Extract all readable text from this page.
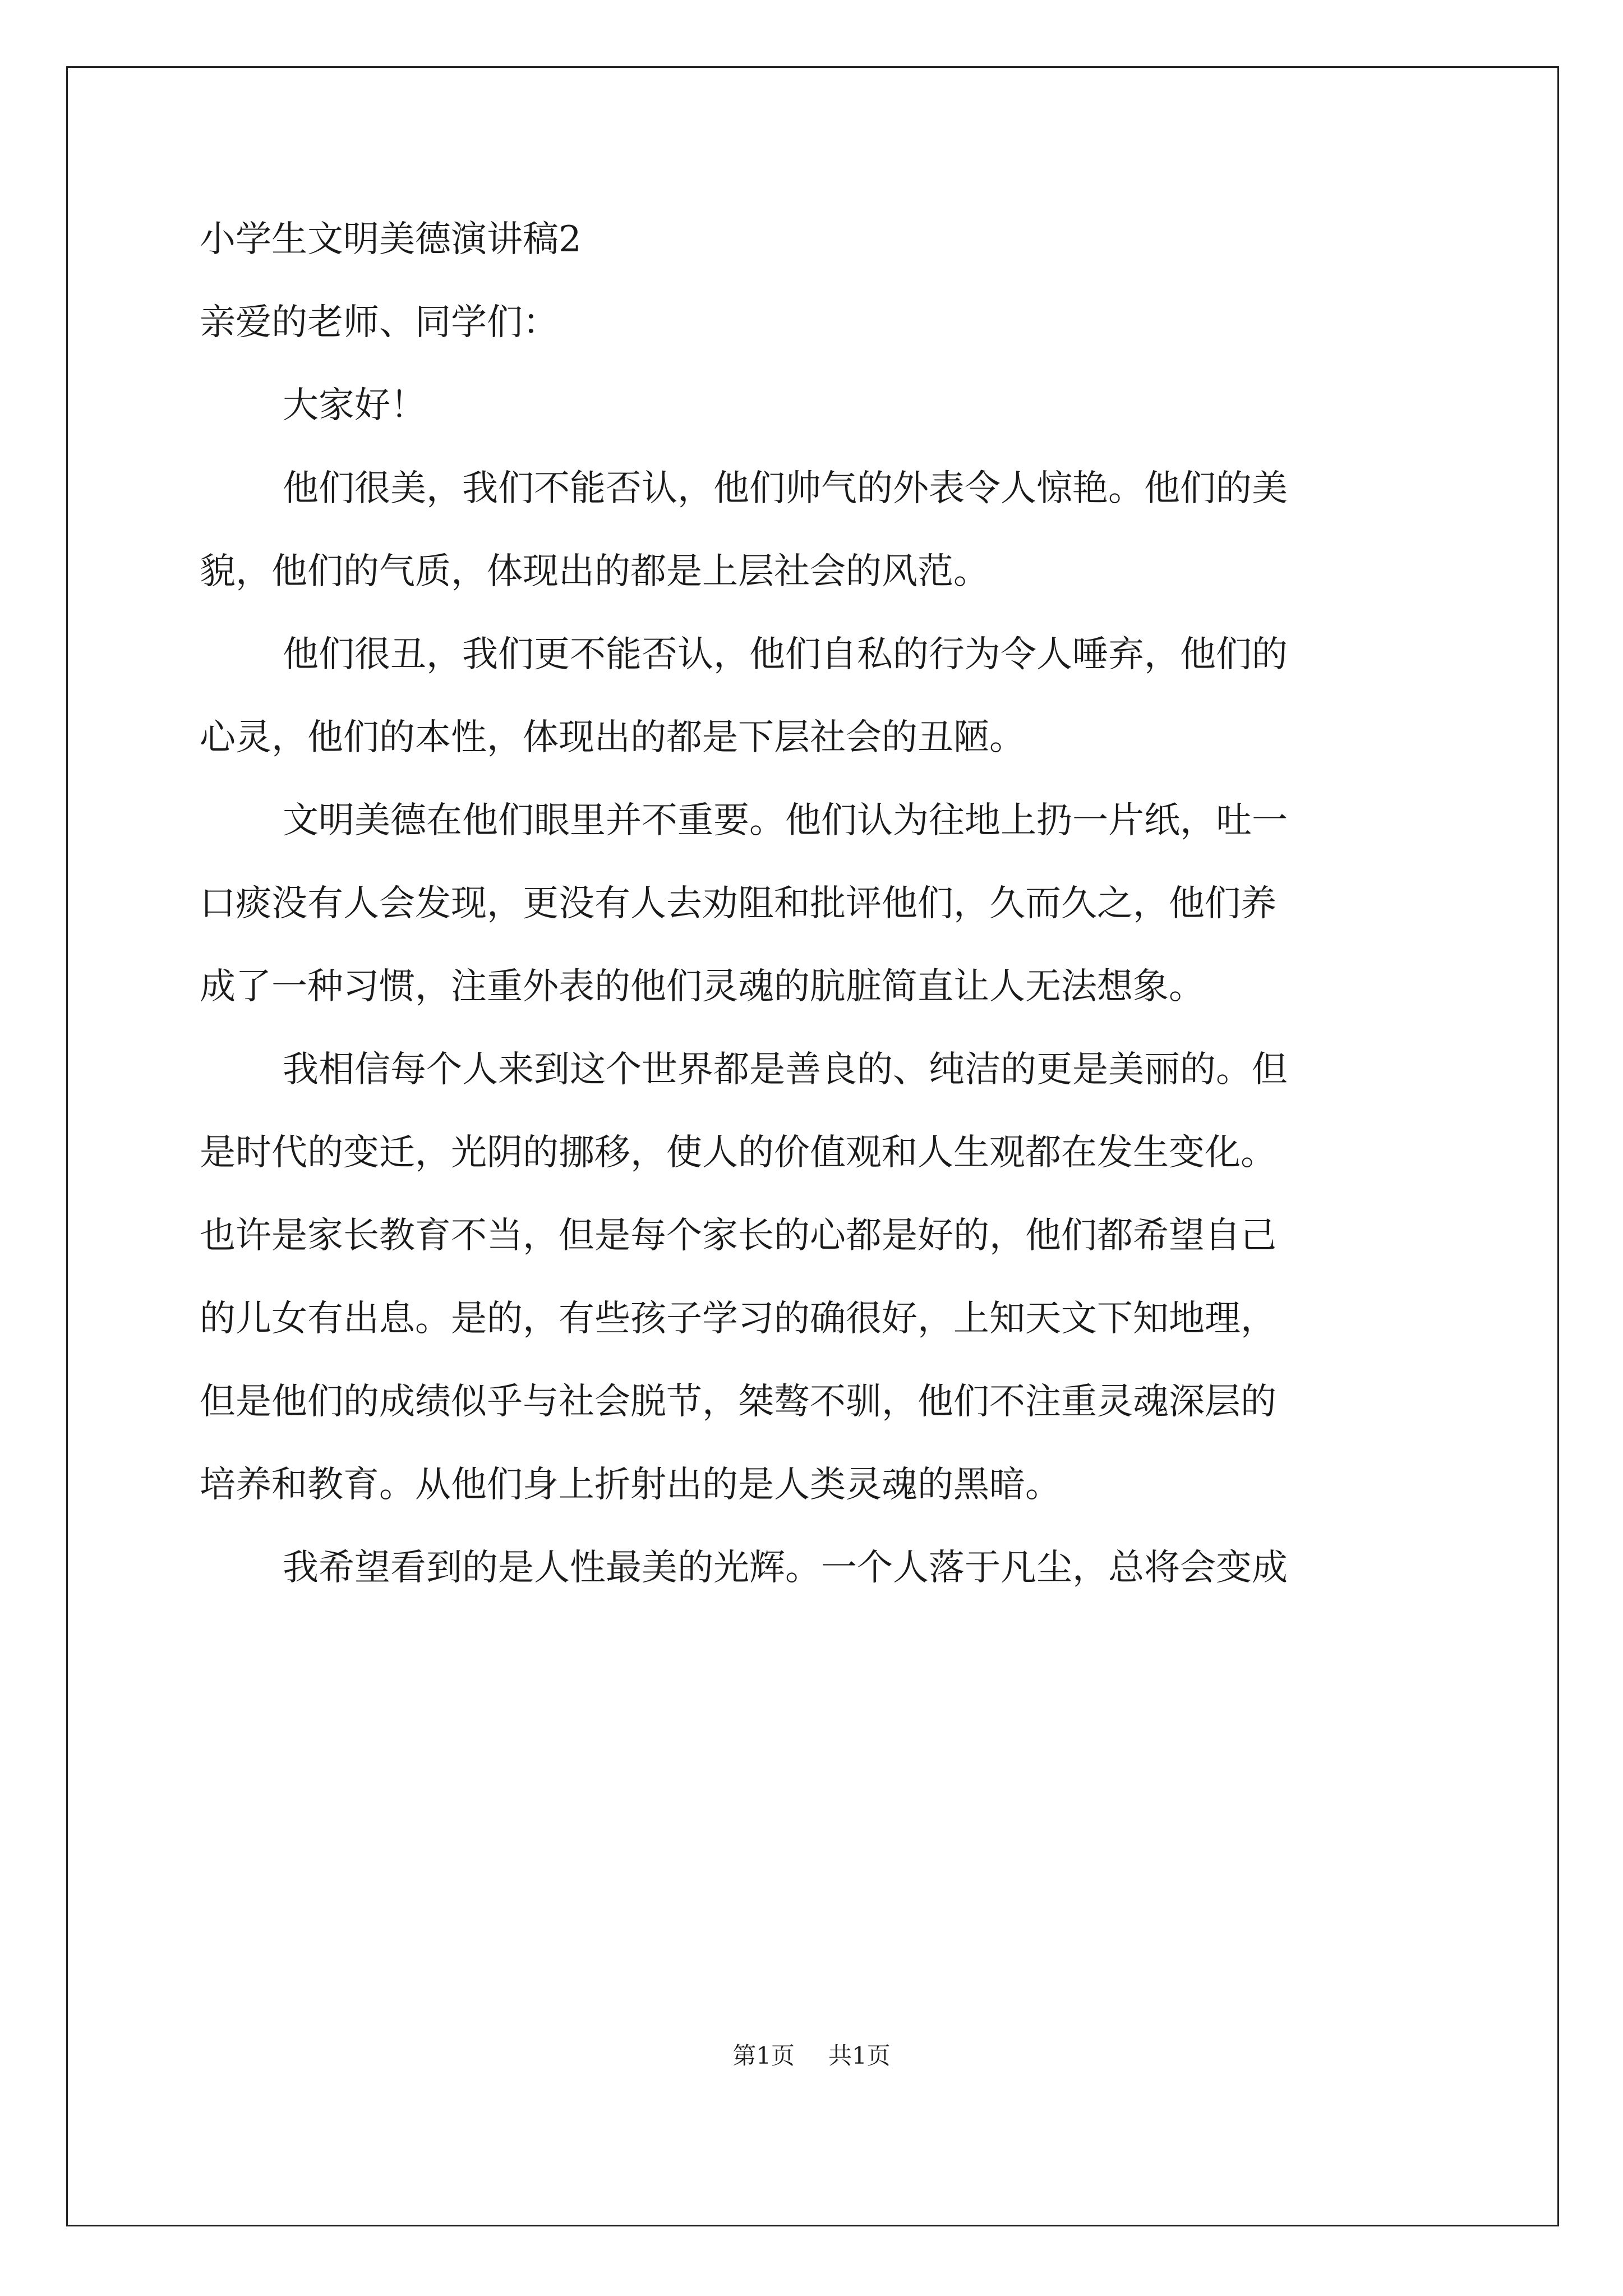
小学生文明美德演讲稿2
亲爱的老师、同学们：
大家好！
他们很美，我们不能否认，他们帅气的外表令人惊艳。他们的美
貌，他们的气质，体现出的都是上层社会的风范。
他们很丑，我们更不能否认，他们自私的行为令人唾弃，他们的
心灵，他们的本性，体现出的都是下层社会的丑陋。
文明美德在他们眼里并不重要。他们认为往地上扔一片纸，吐一
口痰没有人会发现，更没有人去劝阻和批评他们，久而久之，他们养
成了一种习惯，注重外表的他们灵魂的肮脏简直让人无法想象。
我相信每个人来到这个世界都是善良的、纯洁的更是美丽的。但
是时代的变迁，光阴的挪移，使人的价值观和人生观都在发生变化。
也许是家长教育不当，但是每个家长的心都是好的，他们都希望自己
的儿女有出息。是的，有些孩子学习的确很好，上知天文下知地理，
但是他们的成绩似乎与社会脱节，桀骜不驯，他们不注重灵魂深层的
培养和教育。从他们身上折射出的是人类灵魂的黑暗。
我希望看到的是人性最美的光辉。一个人落于凡尘，总将会变成
第1页 共1页
